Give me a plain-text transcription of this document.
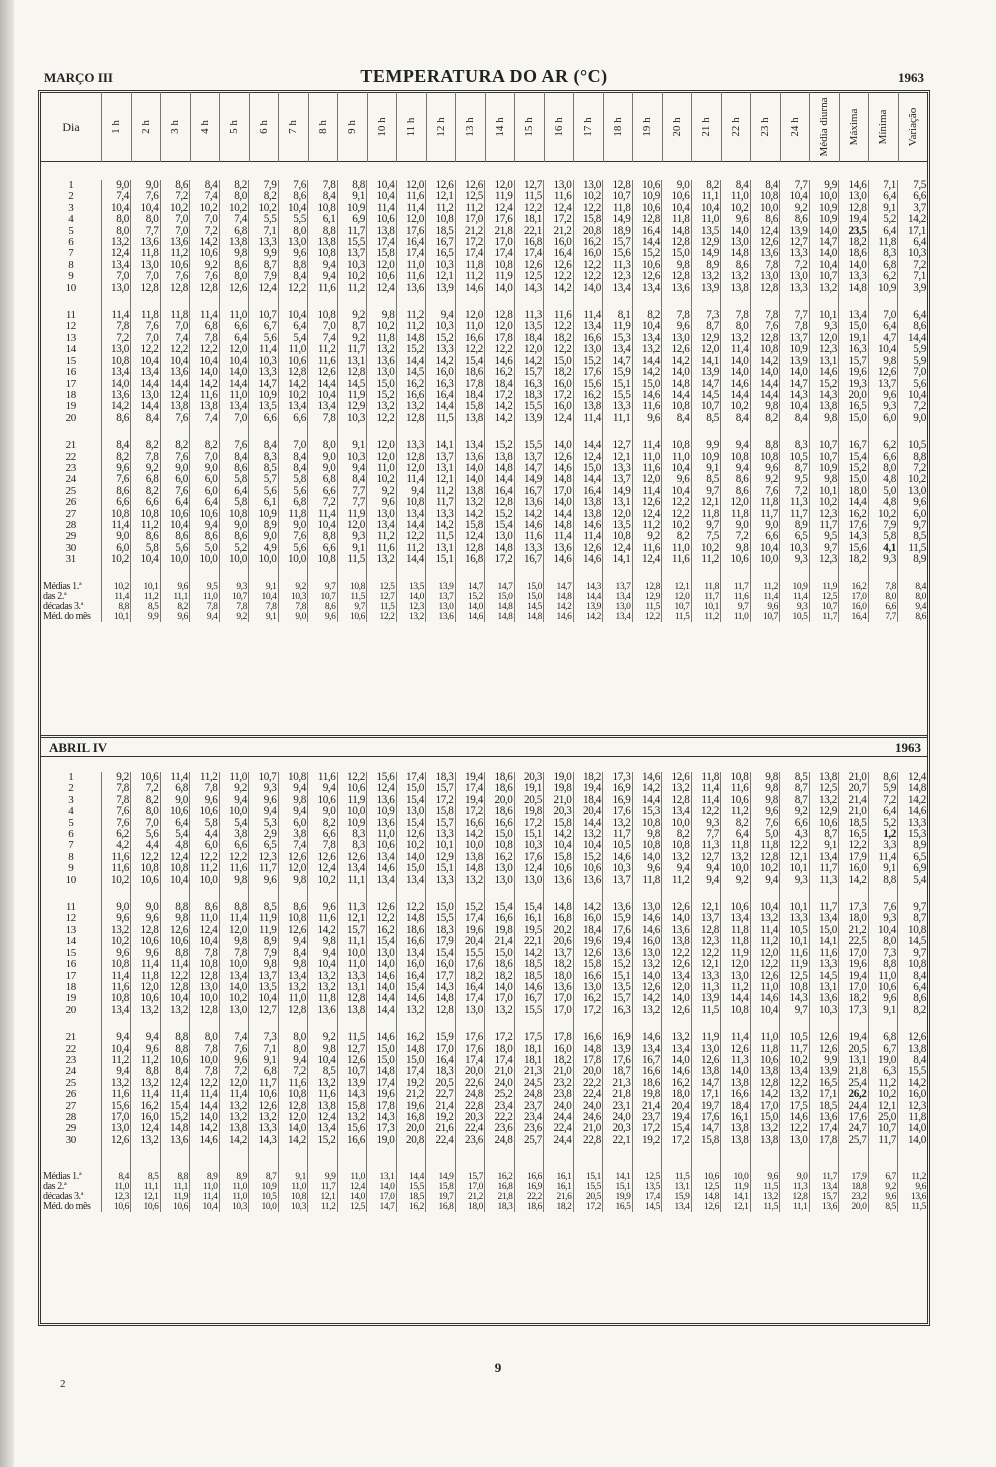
MARÇO III	TEMPERATURA DO AR (°C)	1963
Dia	1 h 2 h 3 h 4 h 5 h 6 h 7 h 8 h 9 h 10 h 11 h 12 h 13 h 14 h 15 h 16 h 17 h 18 h 19 h 20 h 21 h 22 h 23 h 24 h Média diurna Máxima Mínima Variação
1	9,0	9,0	8,6	8,4	8,2	7,9	7,6	7,8	8,8	10,4	12,0	12,6	12,6	12,0	12,7	13,0	13,0	12,8	10,6	9,0	8,2	8,4	8,4	7,7	9,9	14,6	7,1	7,5
2	7,4	7,6	7,2	7,4	8,0	8,2	8,6	8,4	9,1	10,4	11,6	12,1	12,5	11,9	11,5	11,6	10,2	10,7	10,9	10,6	11,1	11,0	10,8	10,4	10,0	13,0	6,4	6,6
3	10,4	10,4	10,2	10,2	10,2	10,2	10,4	10,8	10,9	11,4	11,4	11,2	11,2	12,4	12,2	12,4	12,2	11,8	10,6	10,4	10,4	10,2	10,0	9,2	10,9	12,8	9,1	3,7
4	8,0	8,0	7,0	7,0	7,4	5,5	5,5	6,1	6,9	10,6	12,0	10,8	17,0	17,6	18,1	17,2	15,8	14,9	12,8	11,8	11,0	9,6	8,6	8,6	10,9	19,4	5,2	14,2
5	8,0	7,7	7,0	7,2	6,8	7,1	8,0	8,8	11,7	13,8	17,6	18,5	21,2	21,8	22,1	21,2	20,8	18,9	16,4	14,8	13,5	14,0	12,4	13,9	14,0	23,5	6,4	17,1
6	13,2	13,6	13,6	14,2	13,8	13,3	13,0	13,8	15,5	17,4	16,4	16,7	17,2	17,0	16,8	16,0	16,2	15,7	14,4	12,8	12,9	13,0	12,6	12,7	14,7	18,2	11,8	6,4
7	12,4	11,8	11,2	10,6	9,8	9,9	9,6	10,8	13,7	15,8	17,4	16,5	17,4	17,4	17,4	16,4	16,0	15,6	15,2	15,0	14,9	14,8	13,6	13,3	14,0	18,6	8,3	10,3
8	13,4	13,0	10,6	9,2	8,6	8,7	8,8	9,4	10,3	12,0	11,0	10,3	11,8	10,8	12,6	12,6	12,2	11,3	10,6	9,8	8,9	8,6	7,8	7,2	10,4	14,0	6,8	7,2
9	7,0	7,0	7,6	7,6	8,0	7,9	8,4	9,4	10,2	10,6	11,6	12,1	11,2	11,9	12,5	12,2	12,2	12,3	12,6	12,8	13,2	13,2	13,0	13,0	10,7	13,3	6,2	7,1
10	13,0	12,8	12,8	12,8	12,6	12,4	12,2	11,6	11,2	12,4	13,6	13,9	14,6	14,0	14,3	14,2	14,0	13,4	13,4	13,6	13,9	13,8	12,8	13,3	13,2	14,8	10,9	3,9

11	11,4	11,8	11,8	11,4	11,0	10,7	10,4	10,8	9,2	9,8	11,2	9,4	12,0	12,8	11,3	11,6	11,4	8,1	8,2	7,8	7,3	7,8	7,8	7,7	10,1	13,4	7,0	6,4
12	7,8	7,6	7,0	6,8	6,6	6,7	6,4	7,0	8,7	10,2	11,2	10,3	11,0	12,0	13,5	12,2	13,4	11,9	10,4	9,6	8,7	8,0	7,6	7,8	9,3	15,0	6,4	8,6
13	7,2	7,0	7,4	7,8	6,4	5,6	5,4	7,4	9,2	11,8	14,8	15,2	16,6	17,8	18,4	18,2	16,6	15,3	13,4	13,0	12,9	13,2	12,8	13,7	12,0	19,1	4,7	14,4
14	13,0	12,2	12,2	12,2	12,0	11,4	11,0	11,2	11,7	13,2	15,2	13,3	12,2	12,2	12,0	12,2	13,0	13,4	13,2	12,6	12,0	11,4	10,8	10,9	12,3	16,3	10,4	5,9
15	10,8	10,4	10,4	10,4	10,4	10,3	10,6	11,6	13,1	13,6	14,4	14,2	15,4	14,6	14,2	15,0	15,2	14,7	14,4	14,2	14,1	14,0	14,2	13,9	13,1	15,7	9,8	5,9
16	13,4	13,4	13,6	14,0	14,0	13,3	12,8	12,6	12,8	13,0	14,5	16,0	18,6	16,2	15,7	18,2	17,6	15,9	14,2	14,0	13,9	14,0	14,0	14,0	14,6	19,6	12,6	7,0
17	14,0	14,4	14,4	14,2	14,4	14,7	14,2	14,4	14,5	15,0	16,2	16,3	17,8	18,4	16,3	16,0	15,6	15,1	15,0	14,8	14,7	14,6	14,4	14,7	15,2	19,3	13,7	5,6
18	13,6	13,0	12,4	11,6	11,0	10,9	10,2	10,4	11,9	15,2	16,6	16,4	18,4	17,2	18,3	17,2	16,2	15,5	14,6	14,4	14,5	14,4	14,4	14,3	14,3	20,0	9,6	10,4
19	14,2	14,4	13,8	13,8	13,4	13,5	13,4	13,4	12,9	13,2	13,2	14,4	15,8	14,2	15,5	16,0	13,8	13,3	11,6	10,8	10,7	10,2	9,8	10,4	13,8	16,5	9,3	7,2
20	8,6	8,4	7,6	7,4	7,0	6,6	6,6	7,8	10,3	12,2	12,8	11,5	13,8	14,2	13,9	12,4	11,4	11,1	9,6	8,4	8,5	8,4	8,2	8,4	9,8	15,0	6,0	9,0

21	8,4	8,2	8,2	8,2	7,6	8,4	7,0	8,0	9,1	12,0	13,3	14,1	13,4	15,2	15,5	14,0	14,4	12,7	11,4	10,8	9,9	9,4	8,8	8,3	10,7	16,7	6,2	10,5
22	8,2	7,8	7,6	7,0	8,4	8,3	8,4	9,0	10,3	12,0	12,8	13,7	13,6	13,8	13,7	12,6	12,4	12,1	11,0	11,0	10,9	10,8	10,8	10,5	10,7	15,4	6,6	8,8
23	9,6	9,2	9,0	9,0	8,6	8,5	8,4	9,0	9,4	11,0	12,0	13,1	14,0	14,8	14,7	14,6	15,0	13,3	11,6	10,4	9,1	9,4	9,6	8,7	10,9	15,2	8,0	7,2
24	7,6	6,8	6,0	6,0	5,8	5,7	5,8	6,8	8,4	10,2	11,4	12,1	14,0	14,4	14,9	14,8	14,4	13,7	12,0	9,6	8,5	8,6	9,2	9,5	9,8	15,0	4,8	10,2
25	8,6	8,2	7,6	6,0	6,4	5,6	5,6	6,6	7,7	9,2	9,4	11,2	13,8	16,4	16,7	17,0	16,4	14,9	11,4	10,4	9,7	8,6	7,6	7,2	10,1	18,0	5,0	13,0
26	6,6	6,6	6,4	6,4	5,8	6,1	6,8	7,2	7,7	9,6	10,8	11,7	13,2	12,8	13,6	14,0	13,8	13,1	12,6	12,2	12,1	12,0	11,8	11,3	10,2	14,4	4,8	9,6
27	10,8	10,8	10,6	10,6	10,8	10,9	11,8	11,4	11,9	13,0	13,4	13,3	14,2	15,2	14,2	14,4	13,8	12,0	12,4	12,2	11,8	11,8	11,7	11,7	12,3	16,2	10,2	6,0
28	11,4	11,2	10,4	9,4	9,0	8,9	9,0	10,4	12,0	13,4	14,4	14,2	15,8	15,4	14,6	14,8	14,6	13,5	11,2	10,2	9,7	9,0	9,0	8,9	11,7	17,6	7,9	9,7
29	9,0	8,6	8,6	8,6	8,6	9,0	7,6	8,8	9,3	11,2	12,2	11,5	12,4	13,0	11,6	11,4	11,4	10,8	9,2	8,2	7,5	7,2	6,6	6,5	9,5	14,3	5,8	8,5
30	6,0	5,8	5,6	5,0	5,2	4,9	5,6	6,6	9,1	11,6	11,2	13,1	12,8	14,8	13,3	13,6	12,6	12,4	11,6	11,0	10,2	9,8	10,4	10,3	9,7	15,6	4,1	11,5
31	10,2	10,4	10,0	10,0	10,0	10,0	10,0	10,8	11,5	13,2	14,4	15,1	16,8	17,2	16,7	14,6	14,6	14,1	12,4	11,6	11,2	10,6	10,0	9,3	12,3	18,2	9,3	8,9

Médias 1.ª	10,2	10,1	9,6	9,5	9,3	9,1	9,2	9,7	10,8	12,5	13,5	13,9	14,7	14,7	15,0	14,7	14,3	13,7	12,8	12,1	11,8	11,7	11,2	10,9	11,9	16,2	7,8	8,4
das 2.ª	11,4	11,2	11,1	11,0	10,7	10,4	10,3	10,7	11,5	12,7	14,0	13,7	15,2	15,0	15,0	14,8	14,4	13,4	12,9	12,0	11,7	11,6	11,4	11,4	12,5	17,0	8,0	8,0
décadas 3.ª	8,8	8,5	8,2	7,8	7,8	7,8	7,8	8,6	9,7	11,5	12,3	13,0	14,0	14,8	14,5	14,2	13,9	13,0	11,5	10,7	10,1	9,7	9,6	9,3	10,7	16,0	6,6	9,4
Méd. do mês	10,1	9,9	9,6	9,4	9,2	9,1	9,0	9,6	10,6	12,2	13,2	13,6	14,6	14,8	14,8	14,6	14,2	13,4	12,2	11,5	11,2	11,0	10,7	10,5	11,7	16,4	7,7	8,6
ABRIL IV	1963
1	9,2	10,6	11,4	11,2	11,0	10,7	10,8	11,6	12,2	15,6	17,4	18,3	19,4	18,6	20,3	19,0	18,2	17,3	14,6	12,6	11,8	10,8	9,8	8,5	13,8	21,0	8,6	12,4
2	7,8	7,2	6,8	7,8	9,2	9,3	9,4	9,4	10,6	12,4	15,0	15,7	17,4	18,6	19,1	19,8	19,4	16,9	14,2	13,2	11,4	11,6	9,8	8,7	12,5	20,7	5,9	14,8
3	7,8	8,2	9,0	9,6	9,4	9,6	9,8	10,6	11,9	13,6	15,4	17,2	19,4	20,0	20,5	21,0	18,4	16,9	14,4	12,8	11,4	10,6	9,8	8,7	13,2	21,4	7,2	14,2
4	7,6	8,0	10,6	10,6	10,0	9,4	9,4	9,0	10,0	10,9	13,0	15,8	17,2	18,6	19,8	20,3	20,4	17,6	15,3	13,4	12,2	11,2	9,6	9,2	12,9	21,0	6,4	14,6
5	7,6	7,0	6,4	5,8	5,4	5,3	6,0	8,2	10,9	13,6	15,4	15,7	16,6	16,6	17,2	15,8	14,4	13,2	10,8	10,0	9,3	8,2	7,6	6,6	10,6	18,5	5,2	13,3
6	6,2	5,6	5,4	4,4	3,8	2,9	3,8	6,6	8,3	11,0	12,6	13,3	14,2	15,0	15,1	14,2	13,2	11,7	9,8	8,2	7,7	6,4	5,0	4,3	8,7	16,5	1,2	15,3
7	4,2	4,4	4,8	6,0	6,6	6,5	7,4	7,8	8,3	10,6	10,2	10,1	10,0	10,8	10,3	10,4	10,4	10,5	10,8	10,8	11,3	11,8	11,8	12,2	9,1	12,2	3,3	8,9
8	11,6	12,2	12,4	12,2	12,2	12,3	12,6	12,6	12,6	13,4	14,0	12,9	13,8	16,2	17,6	15,8	15,2	14,6	14,0	13,2	12,7	13,2	12,8	12,1	13,4	17,9	11,4	6,5
9	11,6	10,8	10,8	11,2	11,6	11,7	12,0	12,4	13,4	14,6	15,0	15,1	14,8	13,0	12,4	10,6	10,6	10,3	9,6	9,4	9,4	10,0	10,2	10,1	11,7	16,0	9,1	6,9
10	10,2	10,6	10,4	10,0	9,8	9,6	9,8	10,2	11,1	13,4	13,4	13,3	13,2	13,0	13,0	13,6	13,6	13,7	11,8	11,2	9,4	9,2	9,4	9,3	11,3	14,2	8,8	5,4

11	9,0	9,0	8,8	8,6	8,8	8,5	8,6	9,6	11,3	12,6	12,2	15,0	15,2	15,4	15,4	14,8	14,2	13,6	13,0	12,6	12,1	10,6	10,4	10,1	11,7	17,3	7,6	9,7
12	9,6	9,6	9,8	11,0	11,4	11,9	10,8	11,6	12,1	12,2	14,8	15,5	17,4	16,6	16,1	16,8	16,0	15,9	14,6	14,0	13,7	13,4	13,2	13,3	13,4	18,0	9,3	8,7
13	13,2	12,8	12,6	12,4	12,0	11,9	12,6	14,2	15,7	16,2	18,6	18,3	19,6	19,8	19,5	20,2	18,4	17,6	14,6	13,6	12,8	11,8	11,4	10,5	15,0	21,2	10,4	10,8
14	10,2	10,6	10,6	10,4	9,8	8,9	9,4	9,8	11,1	15,4	16,6	17,9	20,4	21,4	22,1	20,6	19,6	19,4	16,0	13,8	12,3	11,8	11,2	10,1	14,1	22,5	8,0	14,5
15	9,6	9,6	8,8	7,8	7,8	7,9	8,4	9,4	10,0	13,0	13,4	15,4	15,5	15,0	14,2	13,7	12,6	13,6	13,0	12,2	12,2	11,9	12,0	11,6	11,6	17,0	7,3	9,7
16	10,8	11,4	11,4	10,8	10,0	9,8	9,8	10,4	11,0	14,0	16,0	16,0	17,6	18,6	18,5	18,2	15,8	15,2	13,2	12,6	12,1	12,0	12,2	11,9	13,3	19,6	8,8	10,8
17	11,4	11,8	12,2	12,8	13,4	13,7	13,4	13,2	13,3	14,6	16,4	17,7	18,2	18,2	18,5	18,0	16,6	15,1	14,0	13,4	13,3	13,0	12,6	12,5	14,5	19,4	11,0	8,4
18	11,6	12,0	12,8	13,0	14,0	13,5	13,2	13,2	13,1	14,0	15,4	14,3	16,4	14,0	14,6	13,6	13,0	13,5	12,6	12,0	11,3	11,2	11,0	10,8	13,1	17,0	10,6	6,4
19	10,8	10,6	10,4	10,0	10,2	10,4	11,0	11,8	12,8	14,4	14,6	14,8	17,4	17,0	16,7	17,0	16,2	15,7	14,2	14,0	13,9	14,4	14,6	14,3	13,6	18,2	9,6	8,6
20	13,4	13,2	13,2	12,8	13,0	12,7	12,8	13,6	13,8	14,4	13,2	12,8	13,0	13,2	15,5	17,0	17,2	16,3	13,2	12,6	11,5	10,8	10,4	9,7	10,3	17,3	9,1	8,2

21	9,4	9,4	8,8	8,0	7,4	7,3	8,0	9,2	11,5	14,6	16,2	15,9	17,6	17,2	17,5	17,8	16,6	16,9	14,6	13,2	11,9	11,4	11,0	10,5	12,6	19,4	6,8	12,6
22	10,4	9,6	8,8	7,8	7,6	7,1	8,0	9,8	12,7	15,0	14,8	17,0	17,6	18,0	18,1	16,0	14,8	13,9	13,4	13,4	13,0	12,6	11,8	11,7	12,6	20,5	6,7	13,8
23	11,2	11,2	10,6	10,0	9,6	9,1	9,4	10,4	12,6	15,0	15,0	16,4	17,4	17,4	18,1	18,2	17,8	17,6	16,7	14,0	12,6	11,3	10,6	10,2	9,9	13,1	19,0	8,4
24	9,4	8,8	8,4	7,8	7,2	6,8	7,2	8,5	10,7	14,8	17,4	18,3	20,0	21,0	21,3	21,0	20,0	18,7	16,6	14,6	13,8	14,0	13,8	13,4	13,9	21,8	6,3	15,5
25	13,2	13,2	12,4	12,2	12,0	11,7	11,6	13,2	13,9	17,4	19,2	20,5	22,6	24,0	24,5	23,2	22,2	21,3	18,6	16,2	14,7	13,8	12,8	12,2	16,5	25,4	11,2	14,2
26	11,6	11,4	11,4	11,4	11,4	10,6	10,8	11,6	14,3	19,6	21,2	22,7	24,8	25,2	24,8	23,8	22,4	21,8	19,8	18,0	17,1	16,6	14,2	13,2	17,1	26,2	10,2	16,0
27	15,6	16,2	15,4	14,4	13,2	12,6	12,8	13,8	15,8	17,8	19,6	21,4	22,8	23,4	23,7	24,0	24,0	23,1	21,4	20,4	19,7	18,4	17,0	17,5	18,5	24,4	12,1	12,3
28	17,0	16,0	15,2	14,0	13,2	13,2	12,0	12,4	13,2	14,3	16,8	19,2	20,3	22,2	23,4	24,4	24,6	24,0	23,7	19,4	17,6	16,1	15,0	14,6	13,6	17,6	25,0	11,8
29	13,0	12,4	14,8	14,2	13,8	13,3	14,0	13,4	15,6	17,3	20,0	21,6	22,4	23,6	23,6	22,4	21,0	20,3	17,2	15,4	14,7	13,8	13,2	12,2	17,4	24,7	10,7	14,0
30	12,6	13,2	13,6	14,6	14,2	14,3	14,2	15,2	16,6	19,0	20,8	22,4	23,6	24,8	25,7	24,4	22,8	22,1	19,2	17,2	15,8	13,8	13,8	13,0	17,8	25,7	11,7	14,0

Médias 1.ª	8,4	8,5	8,8	8,9	8,9	8,7	9,1	9,9	11,0	13,1	14,4	14,9	15,7	16,2	16,6	16,1	15,1	14,1	12,5	11,5	10,6	10,0	9,6	9,0	11,7	17,9	6,7	11,2
das 2.ª	11,0	11,1	11,1	11,0	11,0	10,9	11,0	11,7	12,4	14,0	15,5	15,8	17,0	16,8	16,9	16,1	15,5	15,1	13,5	13,1	12,5	11,9	11,5	11,3	13,4	18,8	9,2	9,6
décadas 3.ª	12,3	12,1	11,9	11,4	11,0	10,5	10,8	12,1	14,0	17,0	18,5	19,7	21,2	21,8	22,2	21,6	20,5	19,9	17,4	15,9	14,8	14,1	13,2	12,8	15,7	23,2	9,6	13,6
Méd. do mês	10,6	10,6	10,6	10,4	10,3	10,0	10,3	11,2	12,5	14,7	16,2	16,8	18,0	18,3	18,6	18,2	17,2	16,5	14,5	13,4	12,6	12,1	11,5	11,1	13,6	20,0	8,5	11,5
9
2
